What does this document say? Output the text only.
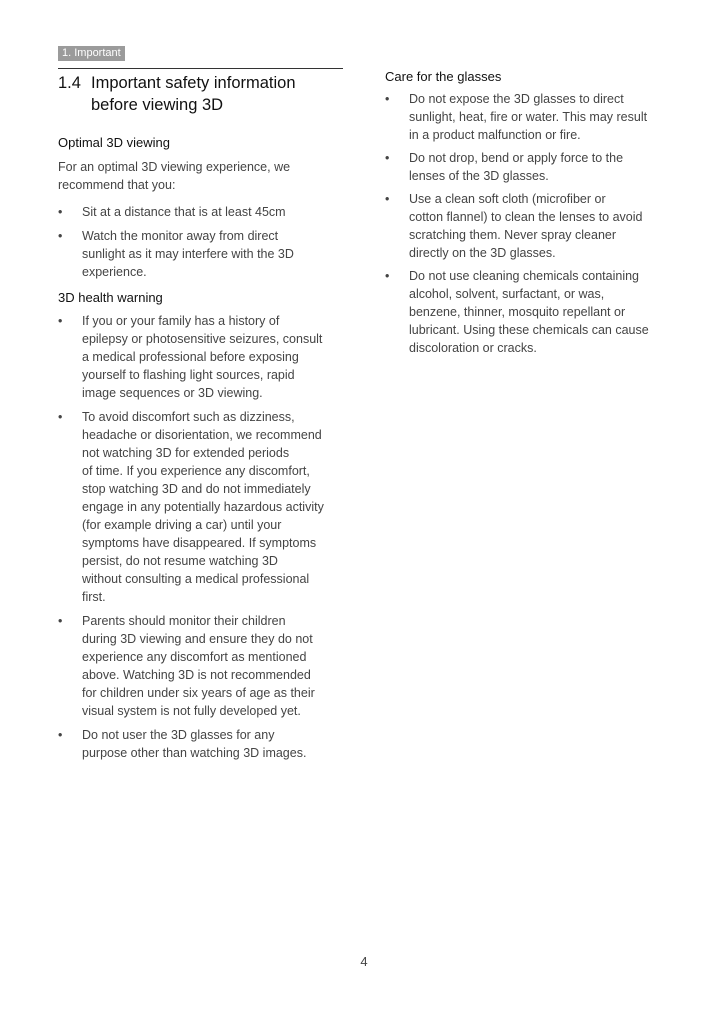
1. Important
1.4 Important safety information
before viewing 3D
Optimal 3D viewing
For an optimal 3D viewing experience, we
recommend that you:
•	Sit at a distance that is at least 45cm
•	Watch the monitor away from direct
sunlight as it may interfere with the 3D
experience.
3D health warning
•	If you or your family has a history of
epilepsy or photosensitive seizures, consult
a medical professional before exposing
yourself to flashing light sources, rapid
image sequences or 3D viewing.
•	To avoid discomfort such as dizziness,
headache or disorientation, we recommend
not watching 3D for extended periods
of time. If you experience any discomfort,
stop watching 3D and do not immediately
engage in any potentially hazardous activity
(for example driving a car) until your
symptoms have disappeared. If symptoms
persist, do not resume watching 3D
without consulting a medical professional
first.
•	Parents should monitor their children
during 3D viewing and ensure they do not
experience any discomfort as mentioned
above. Watching 3D is not recommended
for children under six years of age as their
visual system is not fully developed yet.
•	Do not user the 3D glasses for any
purpose other than watching 3D images.
Care for the glasses
•	Do not expose the 3D glasses to direct
sunlight, heat, fire or water. This may result
in a product malfunction or fire.
•	Do not drop, bend or apply force to the
lenses of the 3D glasses.
•	Use a clean soft cloth (microfiber or
cotton flannel) to clean the lenses to avoid
scratching them. Never spray cleaner
directly on the 3D glasses.
•	Do not use cleaning chemicals containing
alcohol, solvent, surfactant, or was,
benzene, thinner, mosquito repellant or
lubricant. Using these chemicals can cause
discoloration or cracks.
4
